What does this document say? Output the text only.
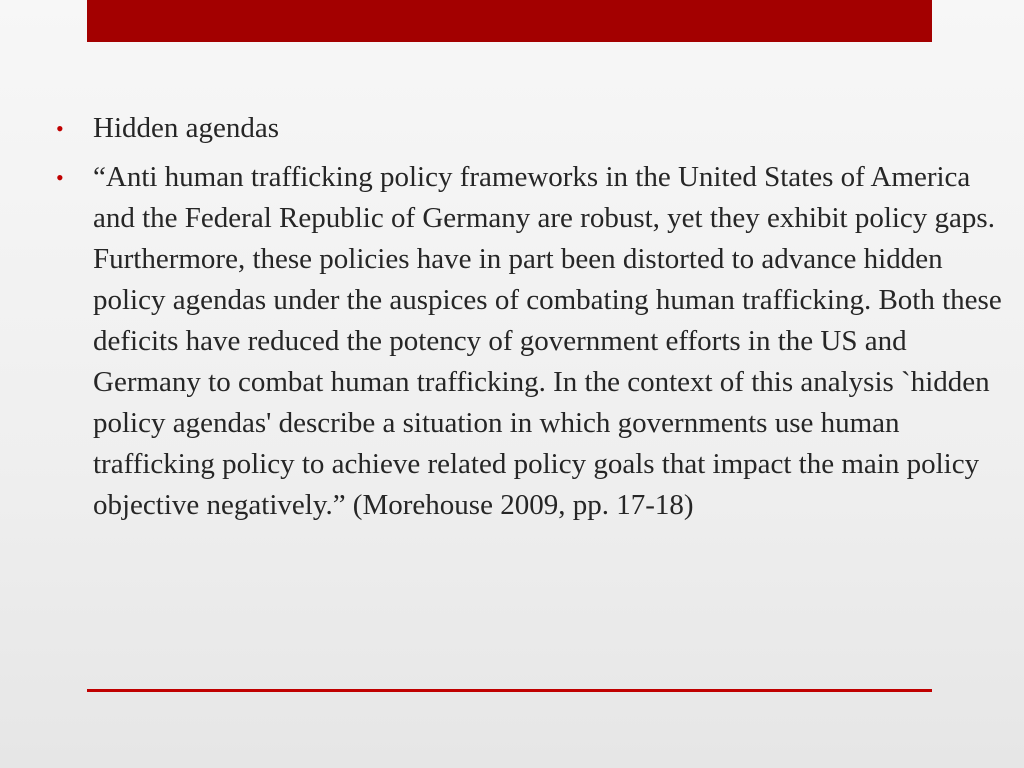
• Hidden agendas
• “Anti human trafficking policy frameworks in the United States of America and the Federal Republic of Germany are robust, yet they exhibit policy gaps. Furthermore, these policies have in part been distorted to advance hidden policy agendas under the auspices of combating human trafficking. Both these deficits have reduced the potency of government efforts in the US and Germany to combat human trafficking. In the context of this analysis `hidden policy agendas' describe a situation in which governments use human trafficking policy to achieve related policy goals that impact the main policy objective negatively.” (Morehouse 2009, pp. 17-18)
